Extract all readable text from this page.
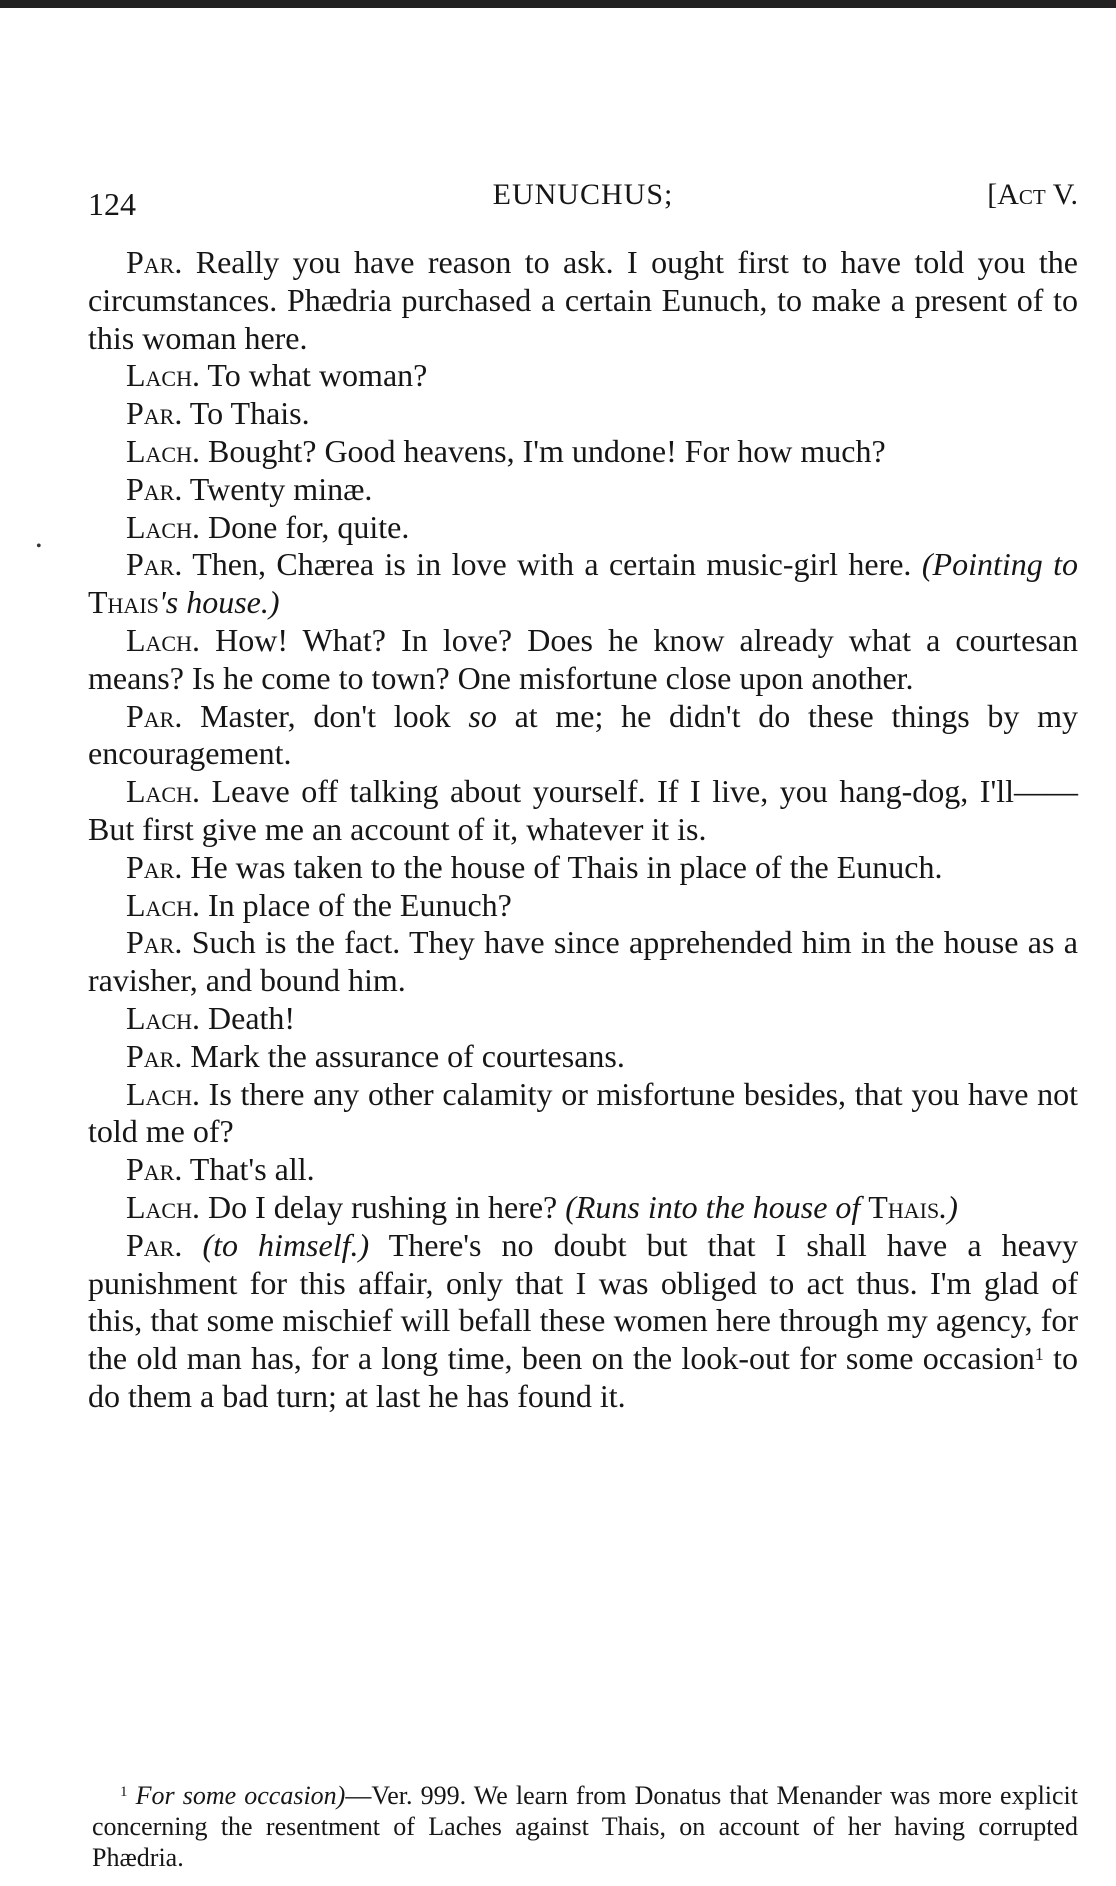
•
124	EUNUCHUS;	[Act V.

Par. Really you have reason to ask. I ought first to have told you the circumstances. Phædria purchased a certain Eunuch, to make a present of to this woman here.

Lach. To what woman?

Par. To Thais.

Lach. Bought? Good heavens, I'm undone! For how much?

Par. Twenty minæ.

Lach. Done for, quite.

Par. Then, Chærea is in love with a certain music-girl here. (Pointing to Thais's house.)

Lach. How! What? In love? Does he know already what a courtesan means? Is he come to town? One misfortune close upon another.

Par. Master, don't look so at me; he didn't do these things by my encouragement.

Lach. Leave off talking about yourself. If I live, you hang-dog, I'll—— But first give me an account of it, whatever it is.

Par. He was taken to the house of Thais in place of the Eunuch.

Lach. In place of the Eunuch?

Par. Such is the fact. They have since apprehended him in the house as a ravisher, and bound him.

Lach. Death!

Par. Mark the assurance of courtesans.

Lach. Is there any other calamity or misfortune besides, that you have not told me of?

Par. That's all.

Lach. Do I delay rushing in here? (Runs into the house of Thais.)

Par. (to himself.) There's no doubt but that I shall have a heavy punishment for this affair, only that I was obliged to act thus. I'm glad of this, that some mischief will befall these women here through my agency, for the old man has, for a long time, been on the look-out for some occasion$^1$ to do them a bad turn; at last he has found it.

$^1$ For some occasion)—Ver. 999. We learn from Donatus that Menander was more explicit concerning the resentment of Laches against Thais, on account of her having corrupted Phædria.
